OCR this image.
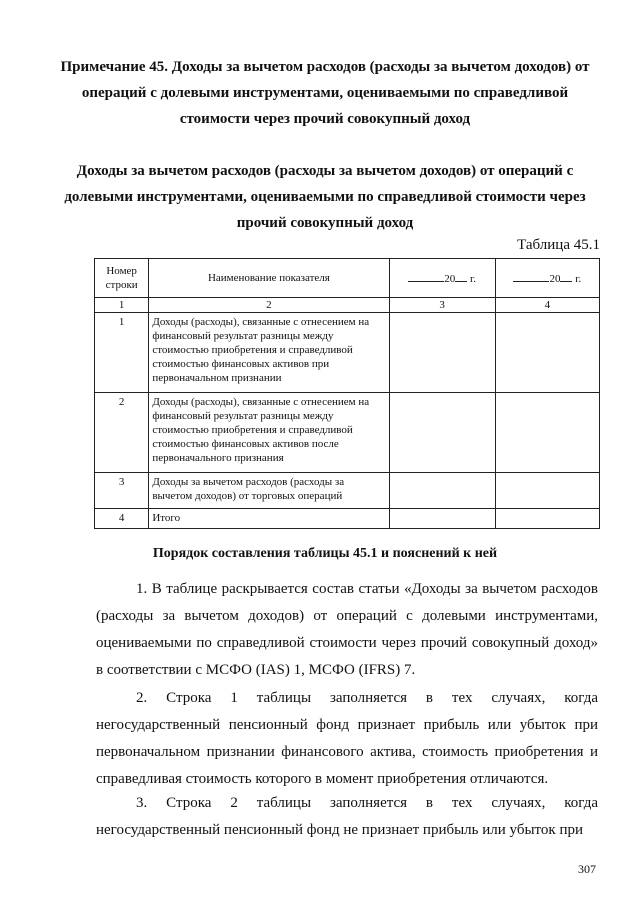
Примечание 45. Доходы за вычетом расходов (расходы за вычетом доходов) от операций с долевыми инструментами, оцениваемыми по справедливой стоимости через прочий совокупный доход

Доходы за вычетом расходов (расходы за вычетом доходов) от операций с долевыми инструментами, оцениваемыми по справедливой стоимости через прочий совокупный доход

Таблица 45.1

Номер строки	Наименование показателя	20 г.	20 г.
1	2	3	4
1	Доходы (расходы), связанные с отнесением на финансовый результат разницы между стоимостью приобретения и справедливой стоимостью финансовых активов при первоначальном признании		
2	Доходы (расходы), связанные с отнесением на финансовый результат разницы между стоимостью приобретения и справедливой стоимостью финансовых активов после первоначального признания		
3	Доходы за вычетом расходов (расходы за вычетом доходов) от торговых операций		
4	Итого		

Порядок составления таблицы 45.1 и пояснений к ней

1. В таблице раскрывается состав статьи «Доходы за вычетом расходов (расходы за вычетом доходов) от операций с долевыми инструментами, оцениваемыми по справедливой стоимости через прочий совокупный доход» в соответствии с МСФО (IAS) 1, МСФО (IFRS) 7.

2. Строка 1 таблицы заполняется в тех случаях, когда негосударственный пенсионный фонд признает прибыль или убыток при первоначальном признании финансового актива, стоимость приобретения и справедливая стоимость которого в момент приобретения отличаются.

3. Строка 2 таблицы заполняется в тех случаях, когда негосударственный пенсионный фонд не признает прибыль или убыток при

307
